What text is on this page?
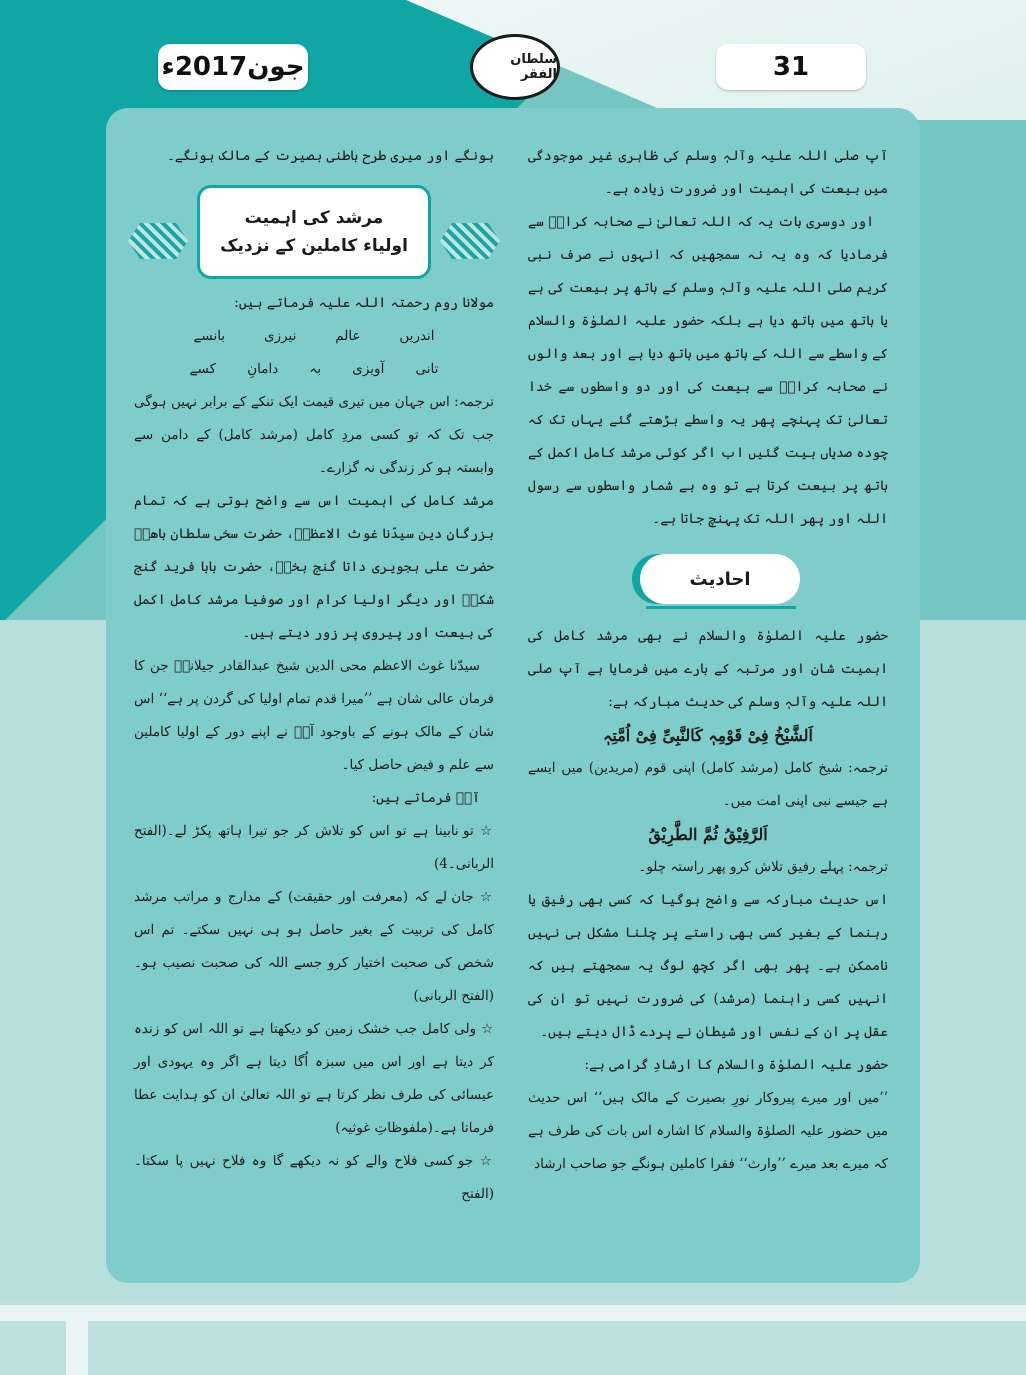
جون2017ء	سلطان الفقر	31

آپ صلی اللہ علیہ وآلہٖ وسلم کی ظاہری غیر موجودگی میں بیعت کی اہمیت اور ضرورت زیادہ ہے۔

اور دوسری بات یہ کہ اللہ تعالیٰ نے صحابہ کرامؓ سے فرمادیا کہ وہ یہ نہ سمجھیں کہ انہوں نے صرف نبی کریم صلی اللہ علیہ وآلہٖ وسلم کے ہاتھ پر بیعت کی ہے یا ہاتھ میں ہاتھ دیا ہے بلکہ حضور علیہ الصلوٰۃ والسلام کے واسطے سے اللہ کے ہاتھ میں ہاتھ دیا ہے اور بعد والوں نے صحابہ کرامؓ سے بیعت کی اور دو واسطوں سے خدا تعالیٰ تک پہنچے پھر یہ واسطے بڑھتے گئے یہاں تک کہ چودہ صدیاں بیت گئیں اب اگر کوئی مرشد کامل اکمل کے ہاتھ پر بیعت کرتا ہے تو وہ بے شمار واسطوں سے رسول اللہ اور پھر اللہ تک پہنچ جاتا ہے۔

احادیث

حضور علیہ الصلوٰۃ والسلام نے بھی مرشد کامل کی اہمیت شان اور مرتبہ کے بارے میں فرمایا ہے آپ صلی اللہ علیہ وآلہٖ وسلم کی حدیث مبارکہ ہے:

اَلشَّیْخُ فِیْ قَوْمِہٖ کَالنَّبِیِّ فِیْ اُمَّتِہٖ

ترجمہ: شیخ کامل (مرشد کامل) اپنی قوم (مریدین) میں ایسے ہے جیسے نبی اپنی امت میں۔

اَلرَّفِیْقُ ثُمَّ الطَّرِیْقُ

ترجمہ: پہلے رفیق تلاش کرو پھر راستہ چلو۔

اس حدیث مبارکہ سے واضح ہوگیا کہ کسی بھی رفیق یا رہنما کے بغیر کسی بھی راستے پر چلنا مشکل ہی نہیں ناممکن ہے۔ پھر بھی اگر کچھ لوگ یہ سمجھتے ہیں کہ انہیں کسی راہنما (مرشد) کی ضرورت نہیں تو ان کی عقل پر ان کے نفس اور شیطان نے پردے ڈال دیتے ہیں۔

حضور علیہ الصلوٰۃ والسلام کا ارشادِ گرامی ہے:

’’میں اور میرے پیروکار نورِ بصیرت کے مالک ہیں‘‘ اس حدیث میں حضور علیہ الصلوٰۃ والسلام کا اشارہ اس بات کی طرف ہے کہ میرے بعد میرے ’’وارث‘‘ فقرا کاملین ہونگے جو صاحب ارشاد

ہونگے اور میری طرح باطنی بصیرت کے مالک ہونگے۔

مرشد کی اہمیت
اولیاء کاملین کے نزدیک

مولانا روم رحمتہ اللہ علیہ فرماتے ہیں:

اندریں
عالم
نیرزی
بانسے
تانی
آویزی
بہ
دامانِ
کسے

ترجمہ: اس جہان میں تیری قیمت ایک تنکے کے برابر نہیں ہوگی جب تک کہ تو کسی مردِ کامل (مرشد کامل) کے دامن سے وابستہ ہو کر زندگی نہ گزارے۔

مرشد کامل کی اہمیت اس سے واضح ہوتی ہے کہ تمام بزرگانِ دین سیدّنا غوث الاعظمؓ، حضرت سخی سلطان باھوؒ حضرت علی ہجویری داتا گنج بخشؒ، حضرت بابا فرید گنج شکرؒ اور دیگر اولیا کرام اور صوفیا مرشد کامل اکمل کی بیعت اور پیروی پر زور دیتے ہیں۔

سیدّنا غوث الاعظم محی الدین شیخ عبدالقادر جیلانیؓ جن کا فرمان عالی شان ہے ’’میرا قدم تمام اولیا کی گردن پر ہے‘‘ اس شان کے مالک ہونے کے باوجود آپؓ نے اپنے دور کے اولیا کاملین سے علم و فیض حاصل کیا۔

آپؓ فرماتے ہیں:

☆ تو نابینا ہے تو اس کو تلاش کر جو تیرا ہاتھ پکڑ لے۔(الفتح الربانی۔4)

☆ جان لے کہ (معرفت اور حقیقت) کے مدارج و مراتب مرشد کامل کی تربیت کے بغیر حاصل ہو ہی نہیں سکتے۔ تم اس شخص کی صحبت اختیار کرو جسے اللہ کی صحبت نصیب ہو۔(الفتح الربانی)

☆ ولی کامل جب خشک زمین کو دیکھتا ہے تو اللہ اس کو زندہ کر دیتا ہے اور اس میں سبزہ اُگا دیتا ہے اگر وہ یہودی اور عیسائی کی طرف نظر کرتا ہے تو اللہ تعالیٰ ان کو ہدایت عطا فرماتا ہے۔(ملفوظاتِ غوثیہ)

☆ جو کسی فلاح والے کو نہ دیکھے گا وہ فلاح نہیں پا سکتا۔(الفتح
